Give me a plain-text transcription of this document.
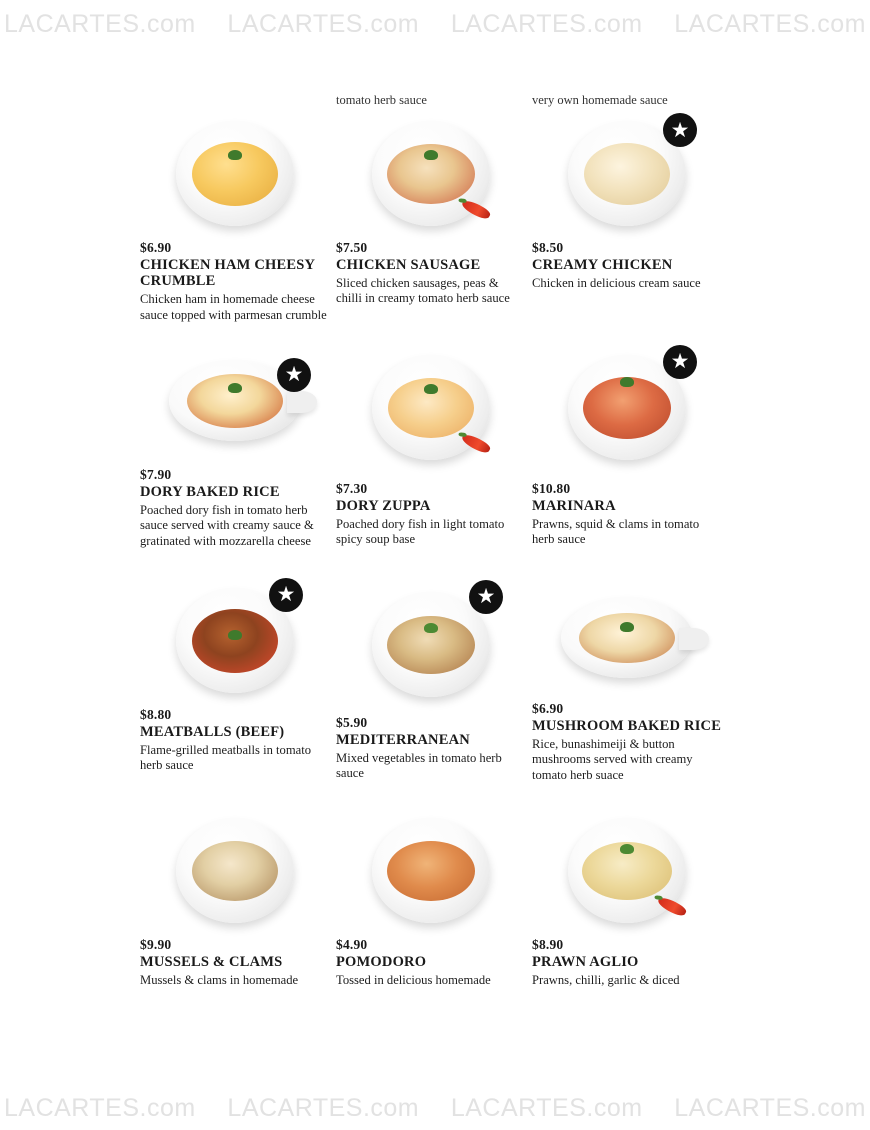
LACARTES.com LACARTES.com LACARTES.com LACARTES.com
$6.90
CHICKEN HAM CHEESY CRUMBLE
Chicken ham in homemade cheese sauce topped with parmesan crumble
tomato herb sauce
$7.50
CHICKEN SAUSAGE
Sliced chicken sausages, peas & chilli in creamy tomato herb sauce
very own homemade sauce
★
$8.50
CREAMY CHICKEN
Chicken in delicious cream sauce
★
$7.90
DORY BAKED RICE
Poached dory fish in tomato herb sauce served with creamy sauce & gratinated with mozzarella cheese
$7.30
DORY ZUPPA
Poached dory fish in light tomato spicy soup base
★
$10.80
MARINARA
Prawns, squid & clams in tomato herb sauce
★
$8.80
MEATBALLS (BEEF)
Flame-grilled meatballs in tomato herb sauce
★
$5.90
MEDITERRANEAN
Mixed vegetables in tomato herb sauce
$6.90
MUSHROOM BAKED RICE
Rice, bunashimeiji & button mushrooms served with creamy tomato herb suace
$9.90
MUSSELS & CLAMS
Mussels & clams in homemade
$4.90
POMODORO
Tossed in delicious homemade
$8.90
PRAWN AGLIO
Prawns, chilli, garlic & diced
LACARTES.com LACARTES.com LACARTES.com LACARTES.com
